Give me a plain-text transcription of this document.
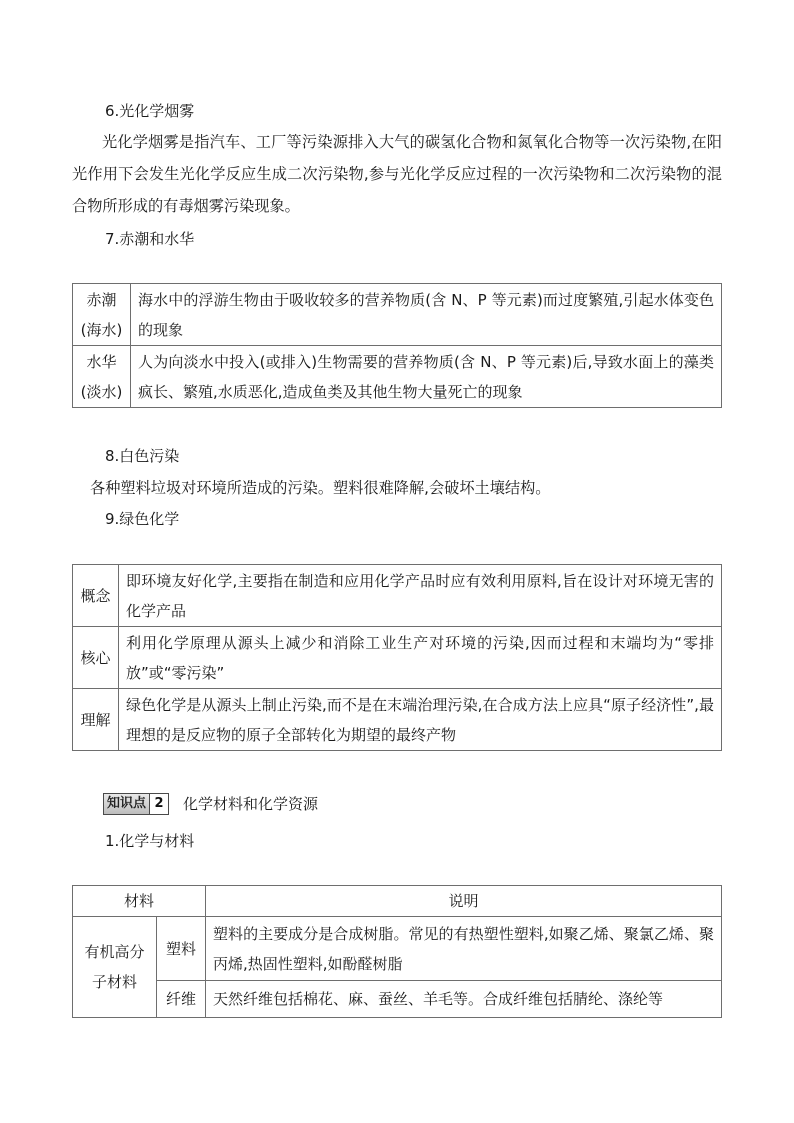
6.光化学烟雾
光化学烟雾是指汽车、工厂等污染源排入大气的碳氢化合物和氮氧化合物等一次污染物,在阳光作用下会发生光化学反应生成二次污染物,参与光化学反应过程的一次污染物和二次污染物的混合物所形成的有毒烟雾污染现象。
7.赤潮和水华
赤潮
(海水)	海水中的浮游生物由于吸收较多的营养物质(含 N、P 等元素)而过度繁殖,引起水体变色的现象

水华
(淡水)	人为向淡水中投入(或排入)生物需要的营养物质(含 N、P 等元素)后,导致水面上的藻类疯长、繁殖,水质恶化,造成鱼类及其他生物大量死亡的现象
8.白色污染
各种塑料垃圾对环境所造成的污染。塑料很难降解,会破坏土壤结构。
9.绿色化学
概念	即环境友好化学,主要指在制造和应用化学产品时应有效利用原料,旨在设计对环境无害的化学产品
核心	利用化学原理从源头上减少和消除工业生产对环境的污染,因而过程和末端均为“零排放”或“零污染”
理解	绿色化学是从源头上制止污染,而不是在末端治理污染,在合成方法上应具“原子经济性”,最理想的是反应物的原子全部转化为期望的最终产物
知识点 2 化学材料和化学资源
1.化学与材料
材料		说明
有机高分子材料	塑料	塑料的主要成分是合成树脂。常见的有热塑性塑料,如聚乙烯、聚氯乙烯、聚丙烯,热固性塑料,如酚醛树脂
	纤维	天然纤维包括棉花、麻、蚕丝、羊毛等。合成纤维包括腈纶、涤纶等
